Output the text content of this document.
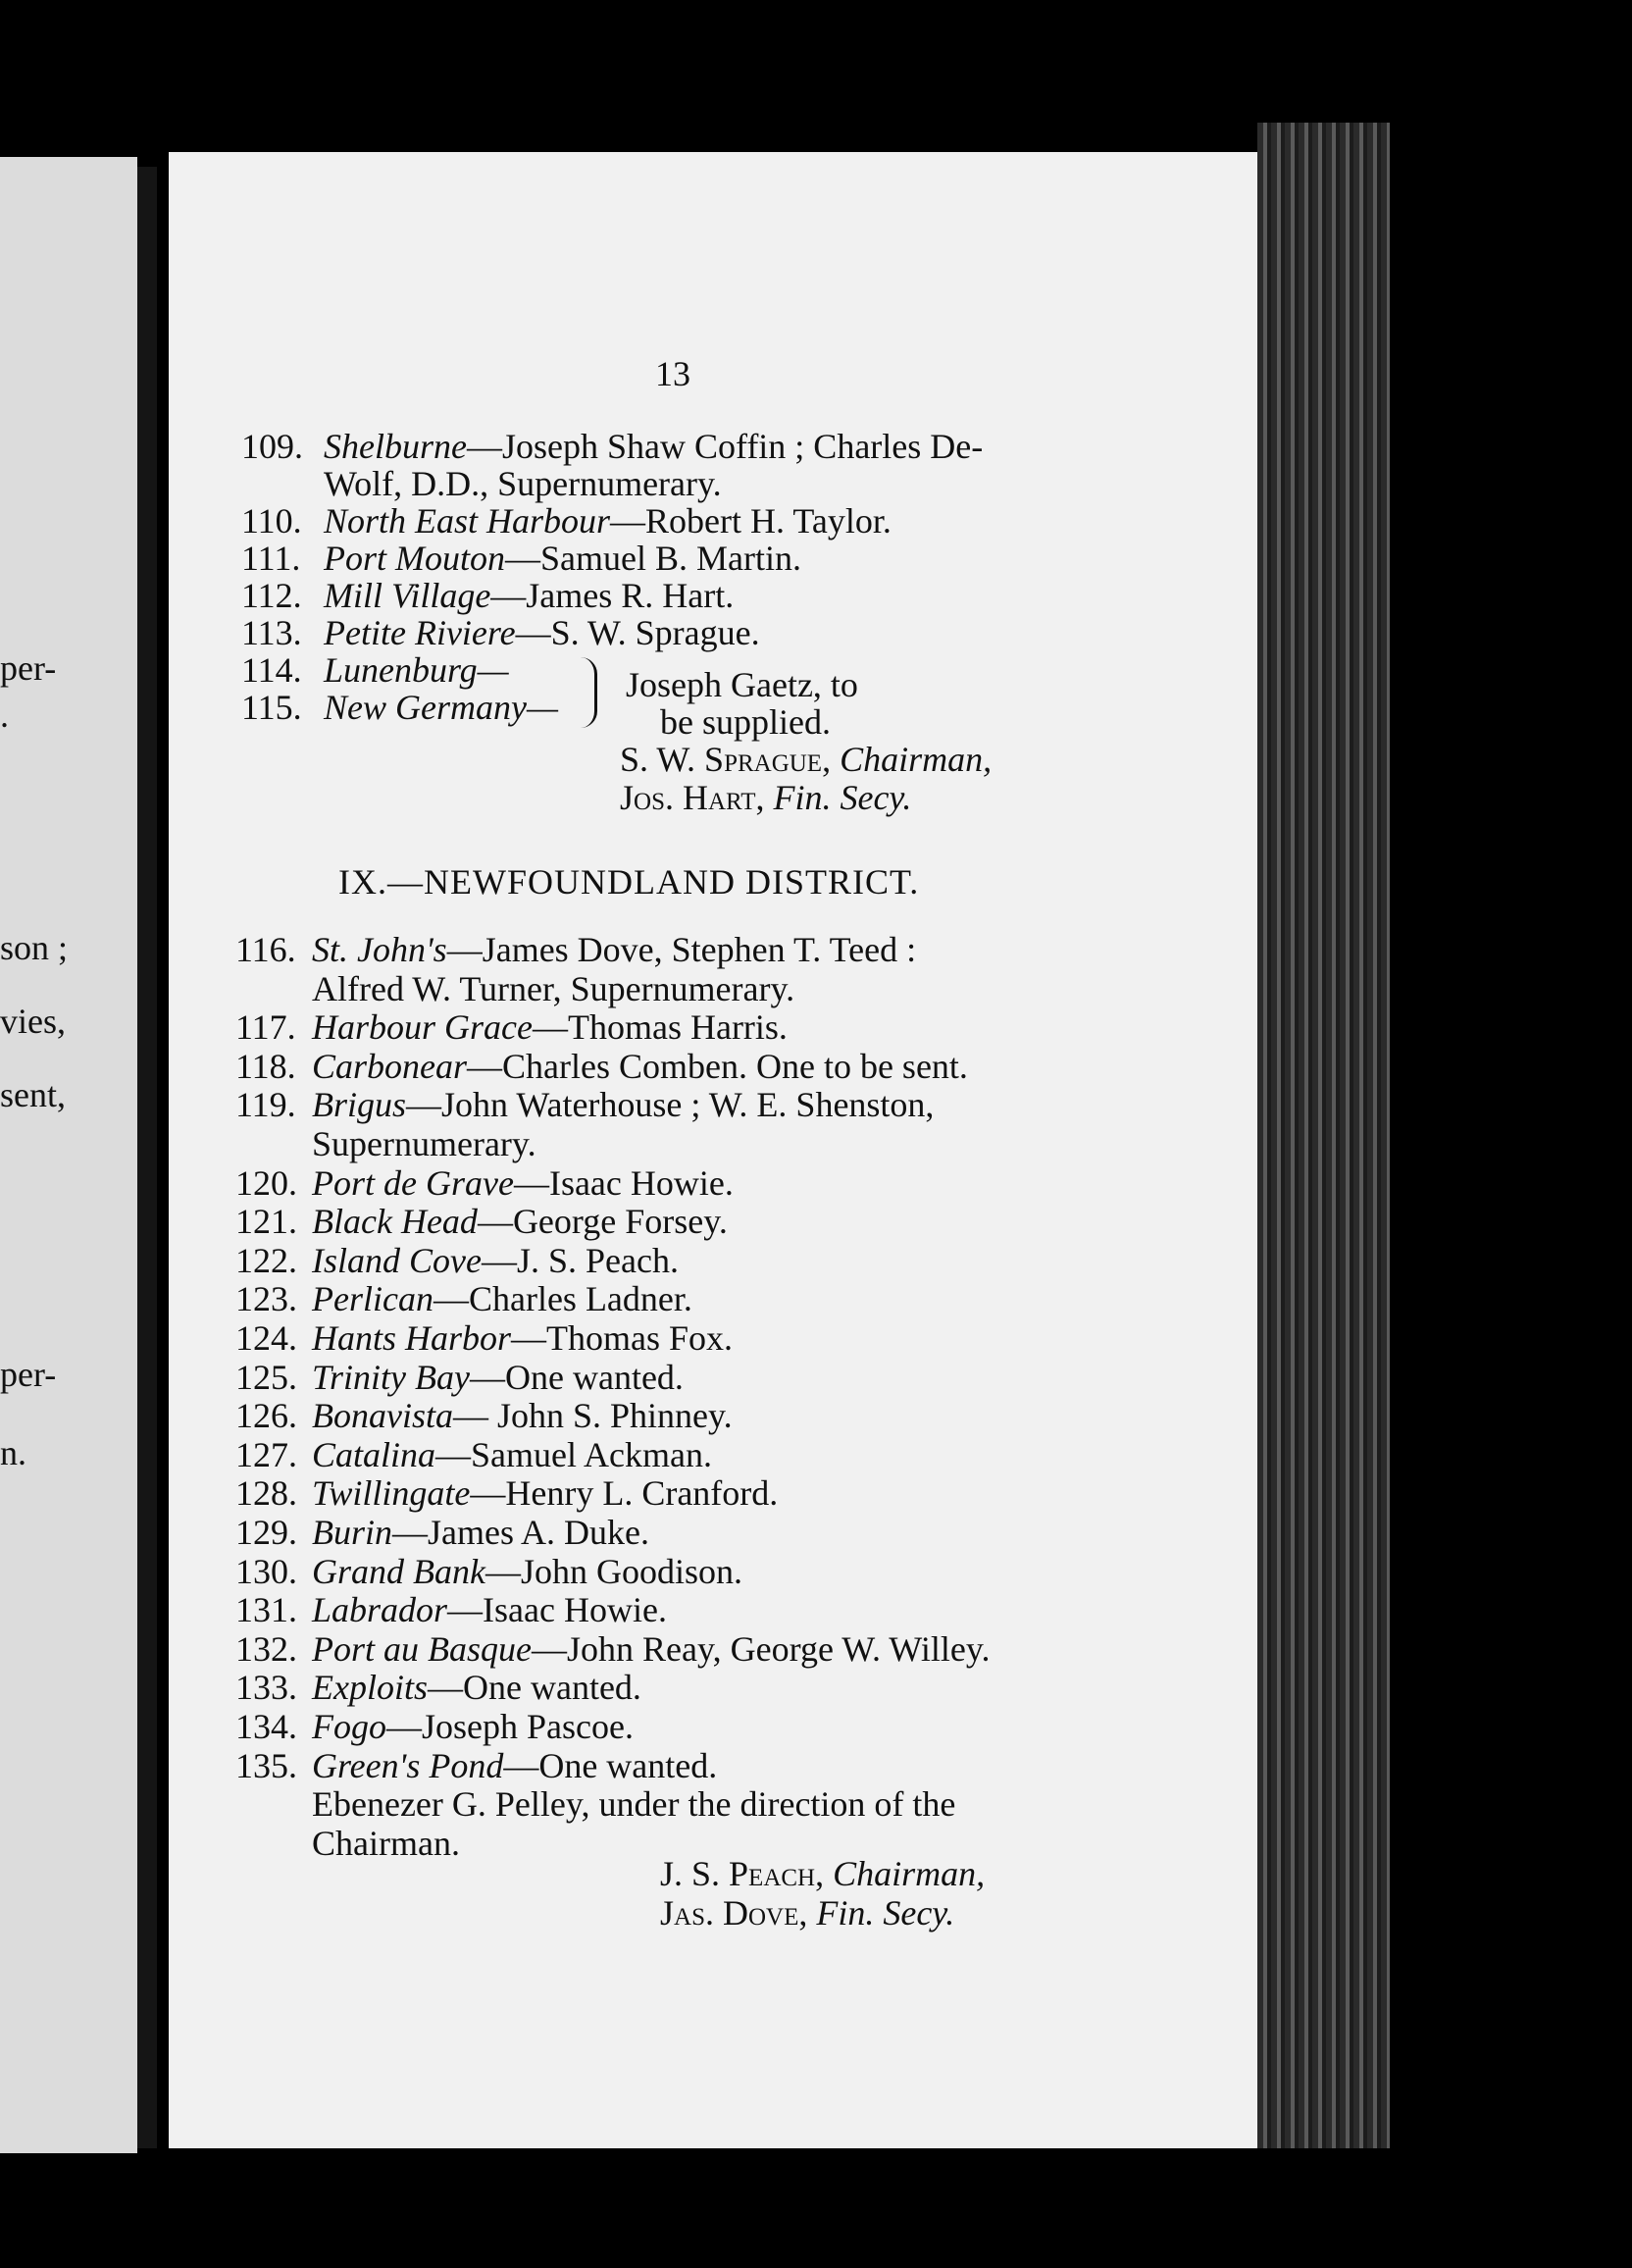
per-
.
son ;
vies,
sent,
per-
n.
13
109. Shelburne—Joseph Shaw Coffin ; Charles De-
Wolf, D.D., Supernumerary.
110. North East Harbour—Robert H. Taylor.
111. Port Mouton—Samuel B. Martin.
112. Mill Village—James R. Hart.
113. Petite Riviere—S. W. Sprague.
114. Lunenburg—
115. New Germany—
Joseph Gaetz, to
be supplied.
S. W. Sprague, Chairman,
Jos. Hart, Fin. Secy.
IX.—NEWFOUNDLAND DISTRICT.
116. St. John's—James Dove, Stephen T. Teed :
Alfred W. Turner, Supernumerary.
117. Harbour Grace—Thomas Harris.
118. Carbonear—Charles Comben. One to be sent.
119. Brigus—John Waterhouse ; W. E. Shenston,
Supernumerary.
120. Port de Grave—Isaac Howie.
121. Black Head—George Forsey.
122. Island Cove—J. S. Peach.
123. Perlican—Charles Ladner.
124. Hants Harbor—Thomas Fox.
125. Trinity Bay—One wanted.
126. Bonavista— John S. Phinney.
127. Catalina—Samuel Ackman.
128. Twillingate—Henry L. Cranford.
129. Burin—James A. Duke.
130. Grand Bank—John Goodison.
131. Labrador—Isaac Howie.
132. Port au Basque—John Reay, George W. Willey.
133. Exploits—One wanted.
134. Fogo—Joseph Pascoe.
135. Green's Pond—One wanted.
Ebenezer G. Pelley, under the direction of the
Chairman.
J. S. Peach, Chairman,
Jas. Dove, Fin. Secy.
